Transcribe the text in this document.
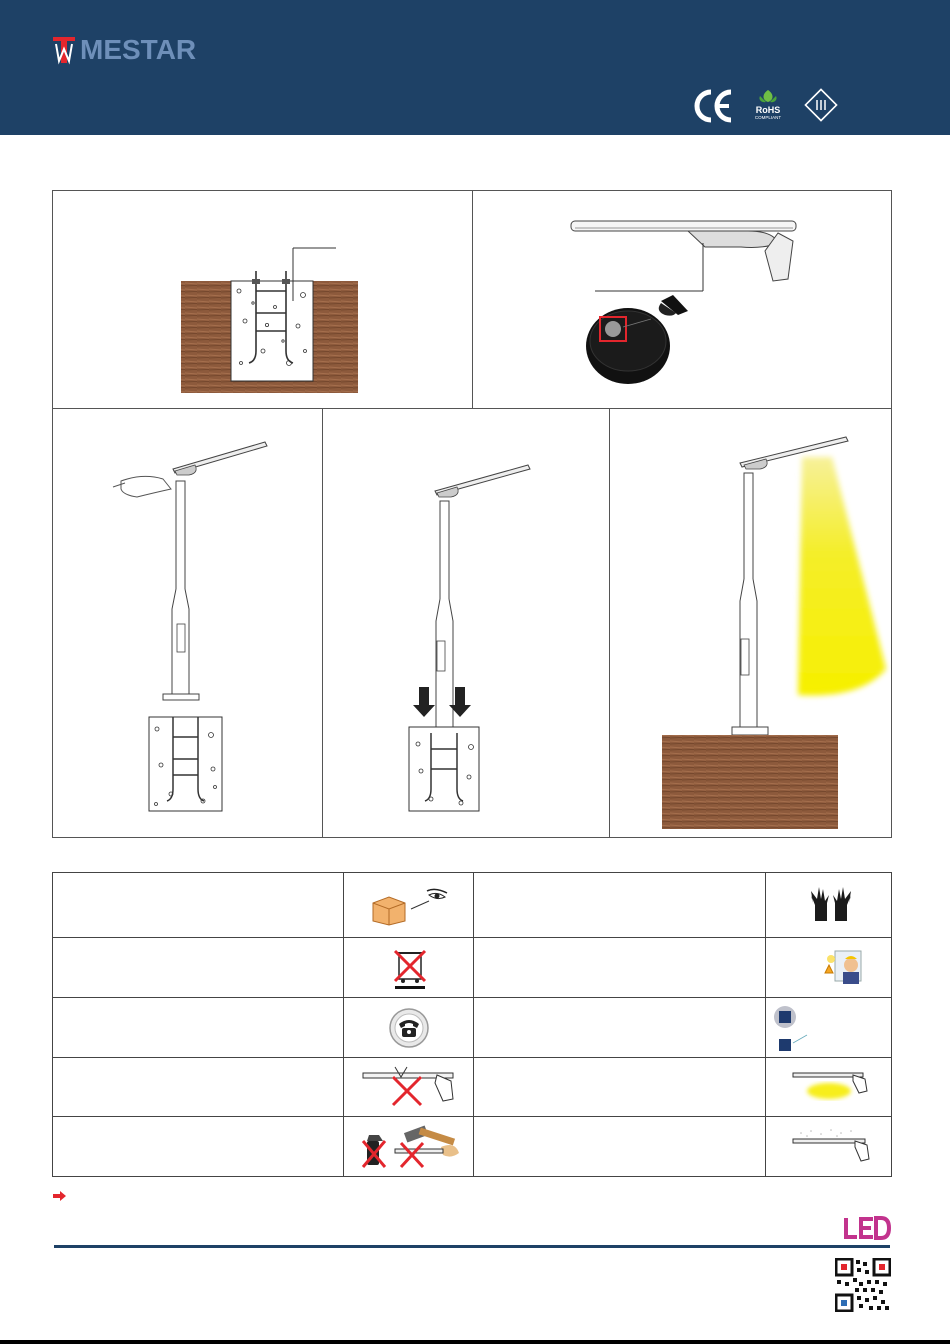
MESTAR
RoHS
COMPLIANT
